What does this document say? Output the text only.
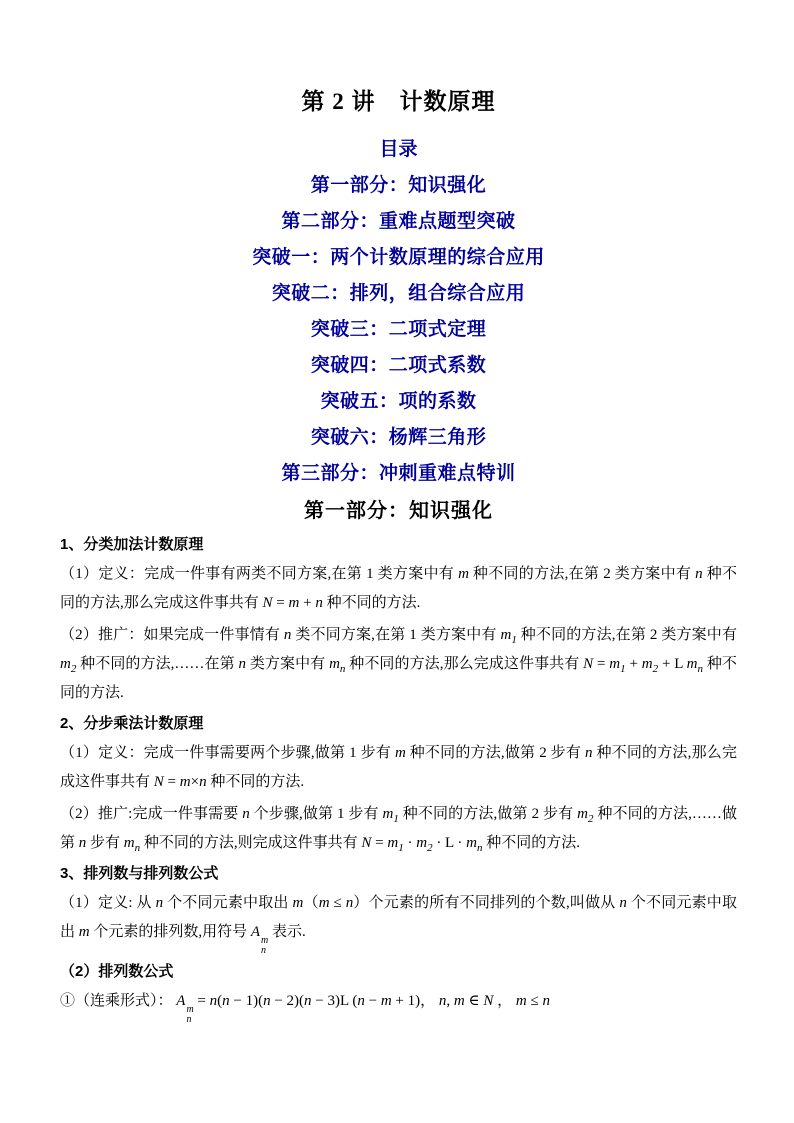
第 2 讲　计数原理
目录
第一部分：知识强化
第二部分：重难点题型突破
突破一：两个计数原理的综合应用
突破二：排列，组合综合应用
突破三：二项式定理
突破四：二项式系数
突破五：项的系数
突破六：杨辉三角形
第三部分：冲刺重难点特训
第一部分：知识强化
1、分类加法计数原理
（1）定义：完成一件事有两类不同方案,在第 1 类方案中有 m 种不同的方法,在第 2 类方案中有 n 种不同的方法,那么完成这件事共有 N = m + n 种不同的方法.
（2）推广：如果完成一件事情有 n 类不同方案,在第 1 类方案中有 $m_1$ 种不同的方法,在第 2 类方案中有 $m_2$ 种不同的方法,……在第 n 类方案中有 $m_n$ 种不同的方法,那么完成这件事共有 $N = m_1 + m_2 + L$ $m_n$ 种不同的方法.
2、分步乘法计数原理
（1）定义：完成一件事需要两个步骤,做第 1 步有 m 种不同的方法,做第 2 步有 n 种不同的方法,那么完成这件事共有 N = m×n 种不同的方法.
（2）推广:完成一件事需要 n 个步骤,做第 1 步有 $m_1$ 种不同的方法,做第 2 步有 $m_2$ 种不同的方法,……做第 n 步有 $m_n$ 种不同的方法,则完成这件事共有 $N = m_1 \cdot m_2 \cdot L \cdot m_n$ 种不同的方法.
3、排列数与排列数公式
（1）定义: 从 n 个不同元素中取出 m（m ≤ n）个元素的所有不同排列的个数,叫做从 n 个不同元素中取出 m 个元素的排列数,用符号 A
m
n
表示.
（2）排列数公式
①（连乘形式）： A
m
n
= n(n − 1)(n − 2)(n − 3)L (n − m + 1)， n, m ∈ N ， m ≤ n
